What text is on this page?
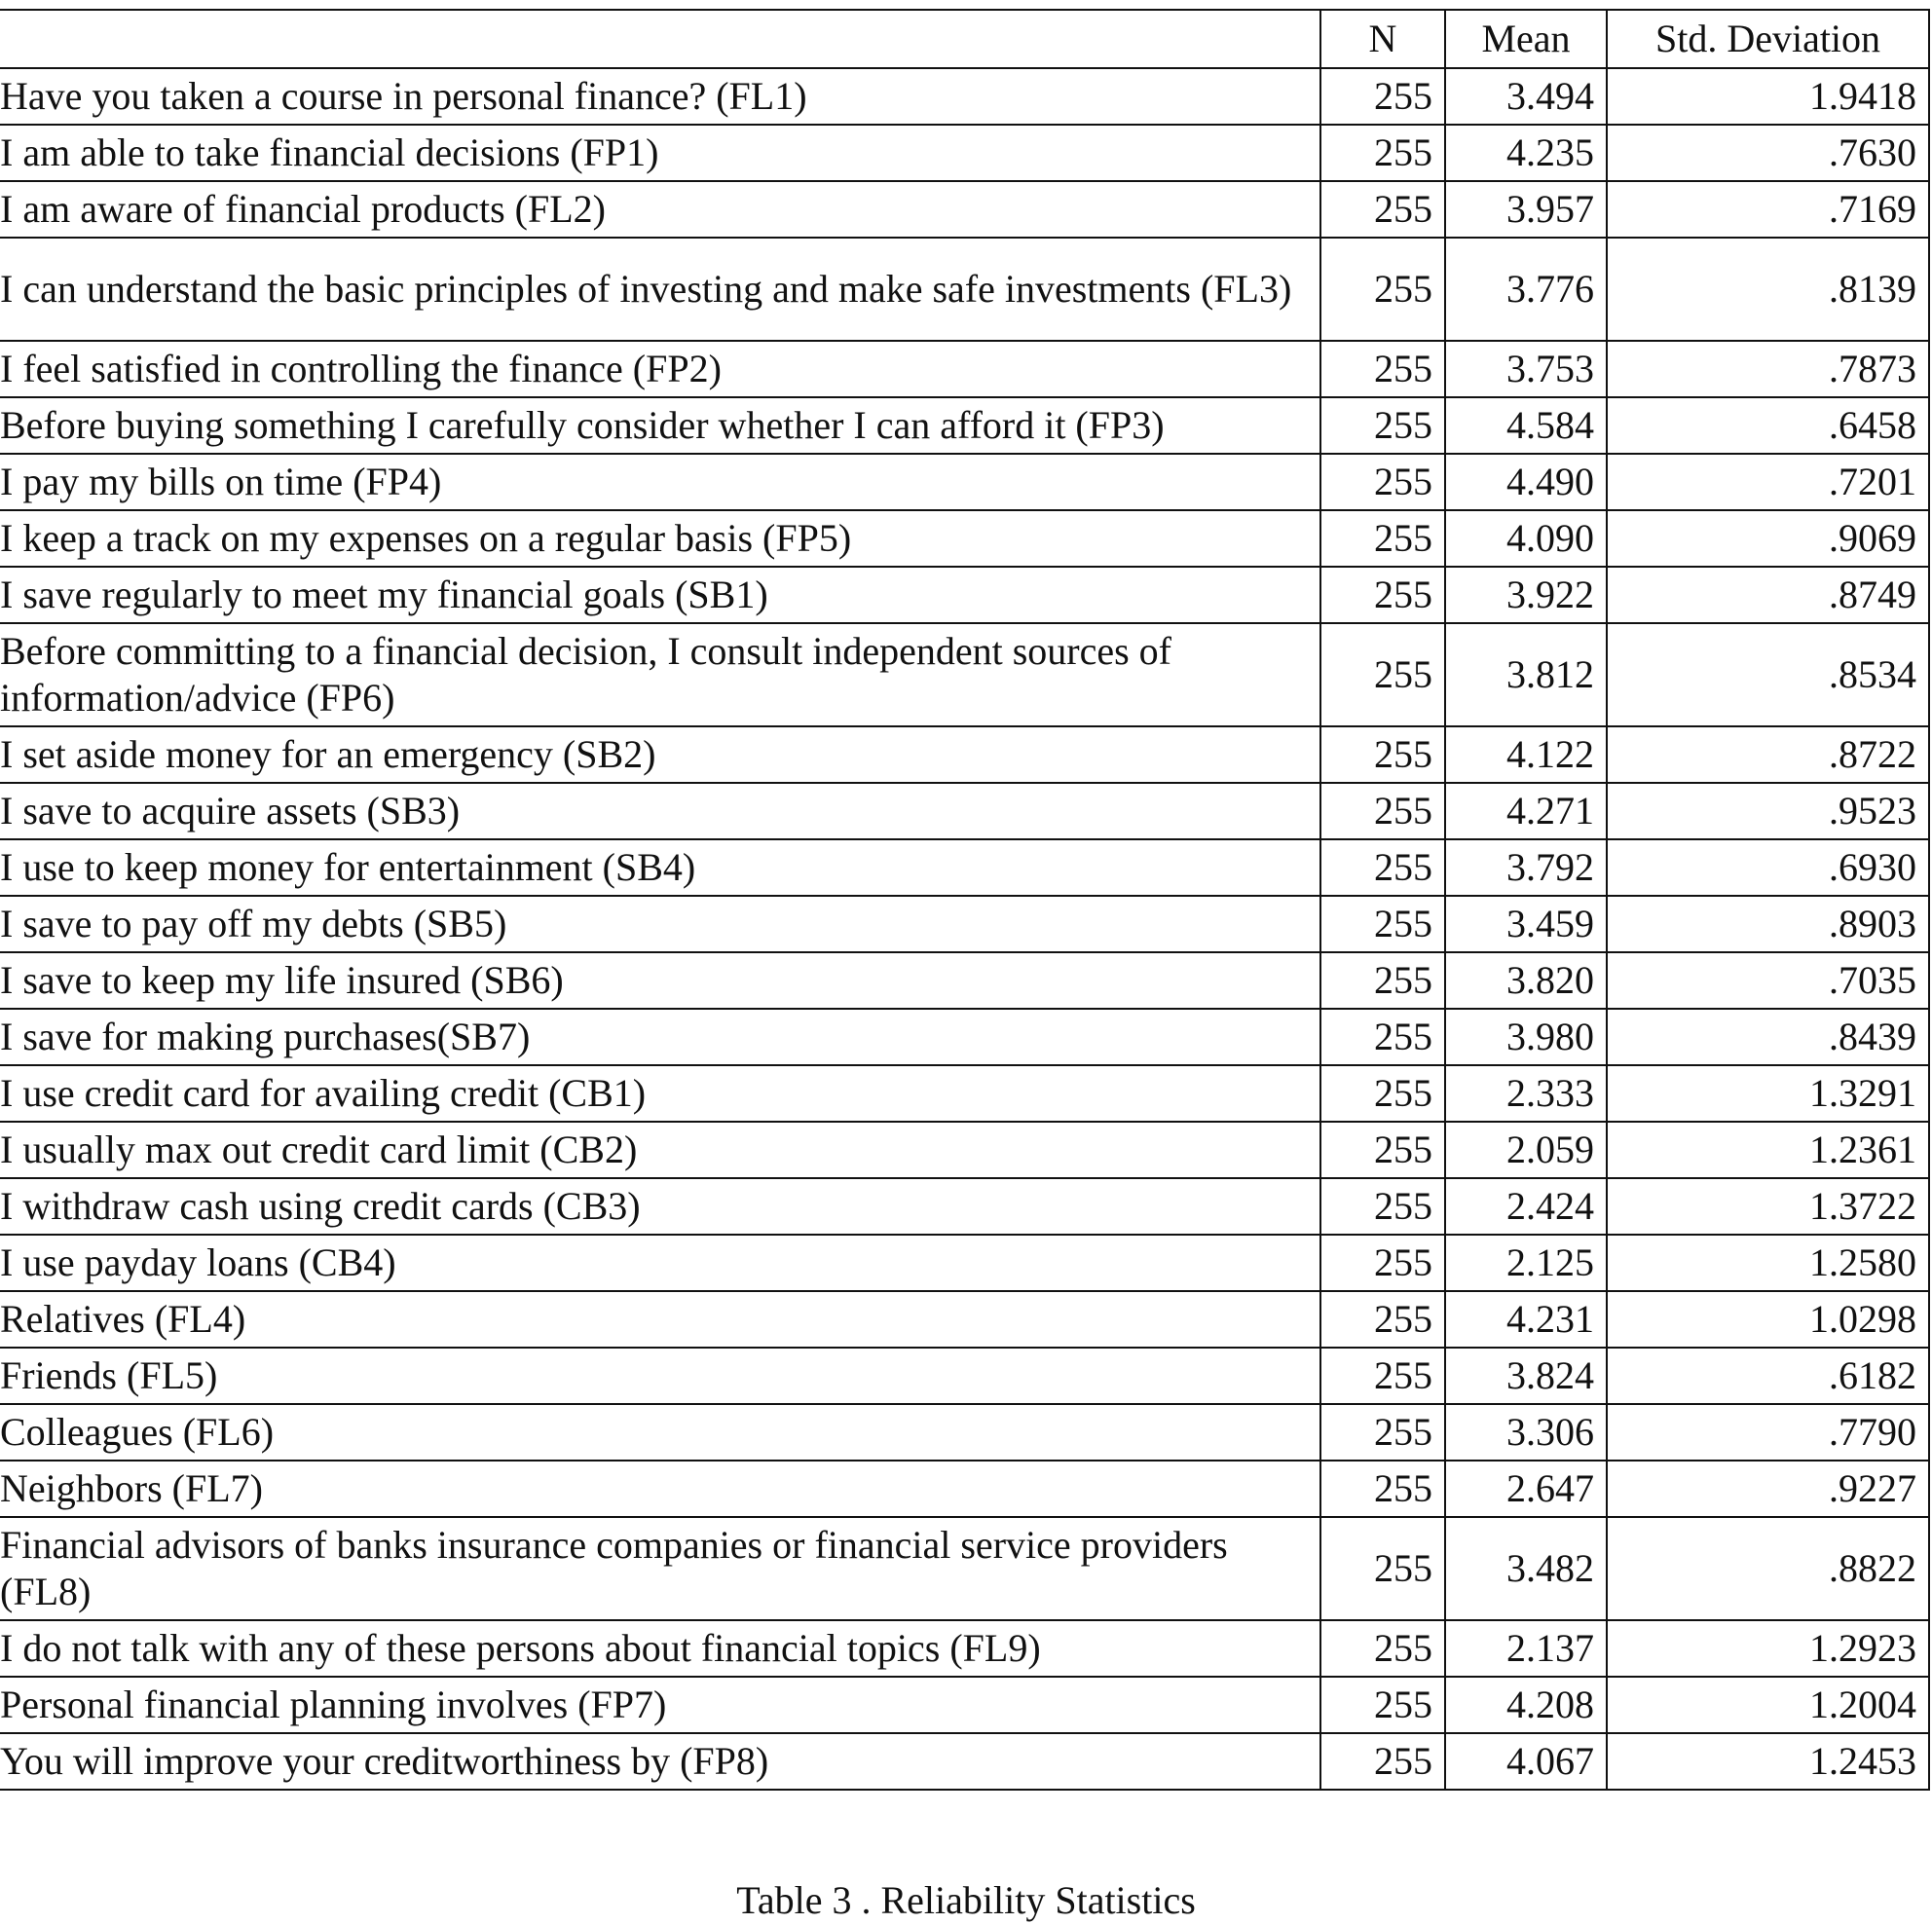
	N	Mean	Std. Deviation
Have you taken a course in personal finance? (FL1)	255	3.494	1.9418
I am able to take financial decisions (FP1)	255	4.235	.7630
I am aware of financial products (FL2)	255	3.957	.7169
I can understand the basic principles of investing and make safe investments (FL3)	255	3.776	.8139
I feel satisfied in controlling the finance (FP2)	255	3.753	.7873
Before buying something I carefully consider whether I can afford it (FP3)	255	4.584	.6458
I pay my bills on time (FP4)	255	4.490	.7201
I keep a track on my expenses on a regular basis (FP5)	255	4.090	.9069
I save regularly to meet my financial goals (SB1)	255	3.922	.8749
Before committing to a financial decision, I consult independent sources of information/advice (FP6)	255	3.812	.8534
I set aside money for an emergency (SB2)	255	4.122	.8722
I save to acquire assets (SB3)	255	4.271	.9523
I use to keep money for entertainment (SB4)	255	3.792	.6930
I save to pay off my debts (SB5)	255	3.459	.8903
I save to keep my life insured (SB6)	255	3.820	.7035
I save for making purchases(SB7)	255	3.980	.8439
I use credit card for availing credit (CB1)	255	2.333	1.3291
I usually max out credit card limit (CB2)	255	2.059	1.2361
I withdraw cash using credit cards (CB3)	255	2.424	1.3722
I use payday loans (CB4)	255	2.125	1.2580
Relatives (FL4)	255	4.231	1.0298
Friends (FL5)	255	3.824	.6182
Colleagues (FL6)	255	3.306	.7790
Neighbors (FL7)	255	2.647	.9227
Financial advisors of banks insurance companies or financial service providers (FL8)	255	3.482	.8822
I do not talk with any of these persons about financial topics (FL9)	255	2.137	1.2923
Personal financial planning involves (FP7)	255	4.208	1.2004
You will improve your creditworthiness by (FP8)	255	4.067	1.2453
Table 3 . Reliability Statistics
